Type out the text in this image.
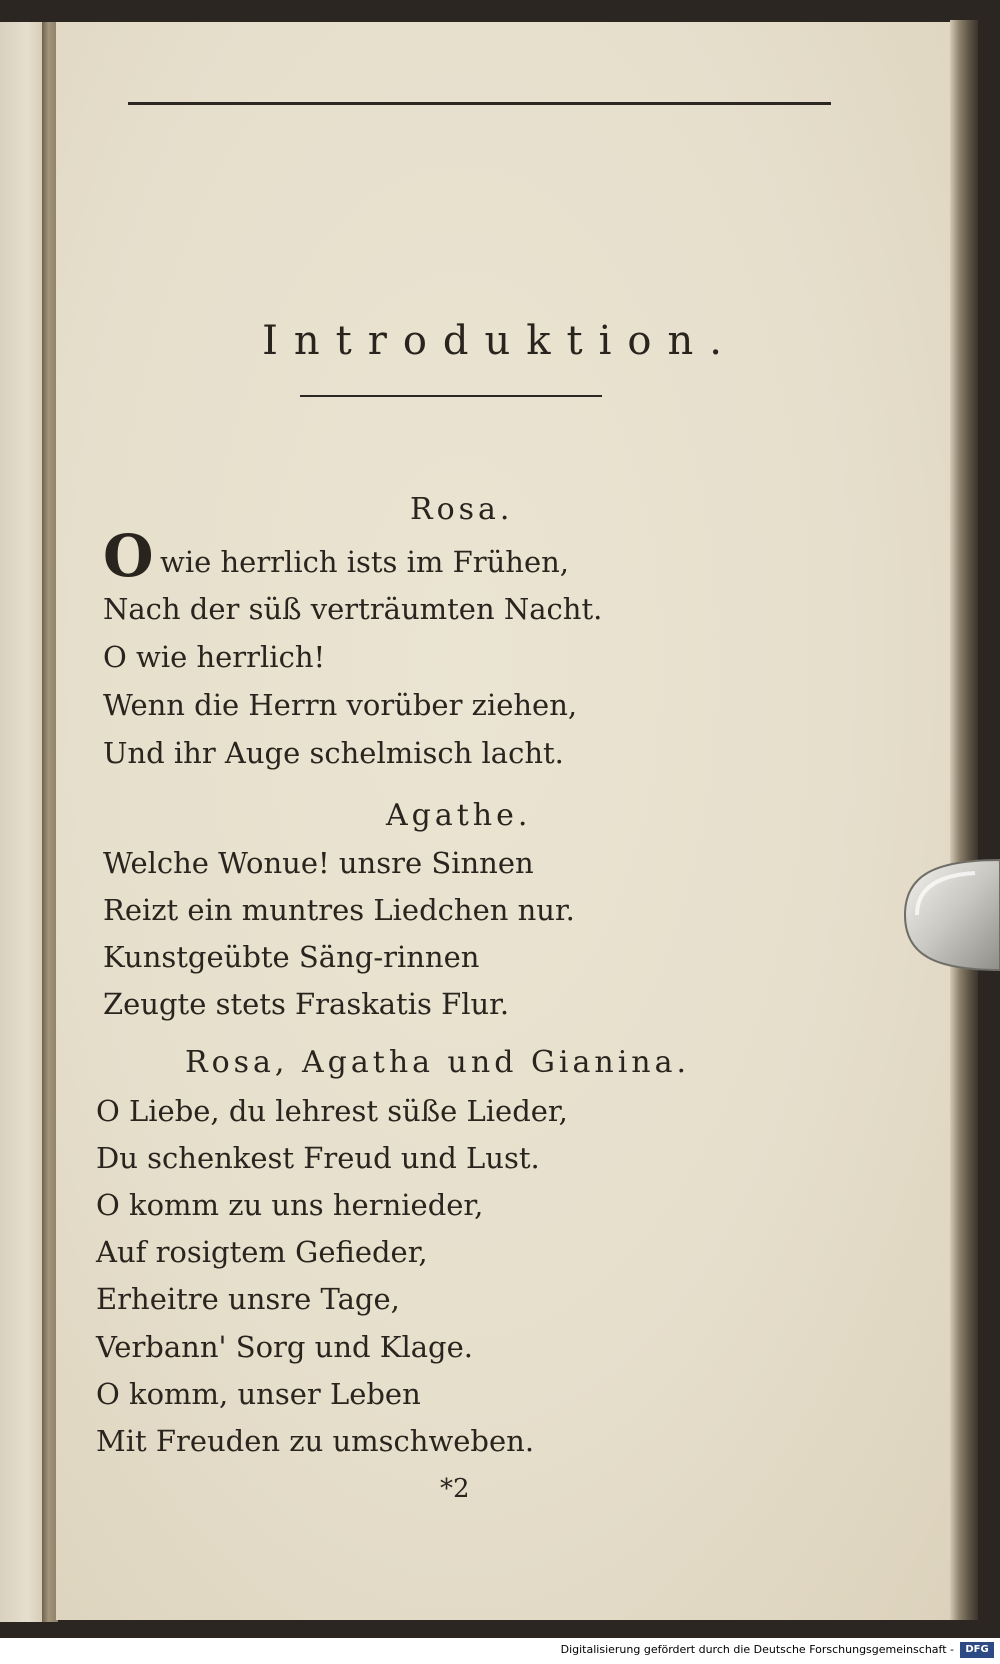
Introduktion.
Rosa.
O wie herrlich ists im Frühen,
Nach der süß verträumten Nacht.
O wie herrlich!
Wenn die Herrn vorüber ziehen,
Und ihr Auge schelmisch lacht.
Agathe.
Welche Wonue! unsre Sinnen
Reizt ein muntres Liedchen nur.
Kunstgeübte Säng-rinnen
Zeugte stets Fraskatis Flur.
Rosa, Agatha und Gianina.
O Liebe, du lehrest süße Lieder,
Du schenkest Freud und Lust.
O komm zu uns hernieder,
Auf rosigtem Gefieder,
Erheitre unsre Tage,
Verbann' Sorg und Klage.
O komm, unser Leben
Mit Freuden zu umschweben.
*2
Digitalisierung gefördert durch die Deutsche Forschungsgemeinschaft -	DFG
